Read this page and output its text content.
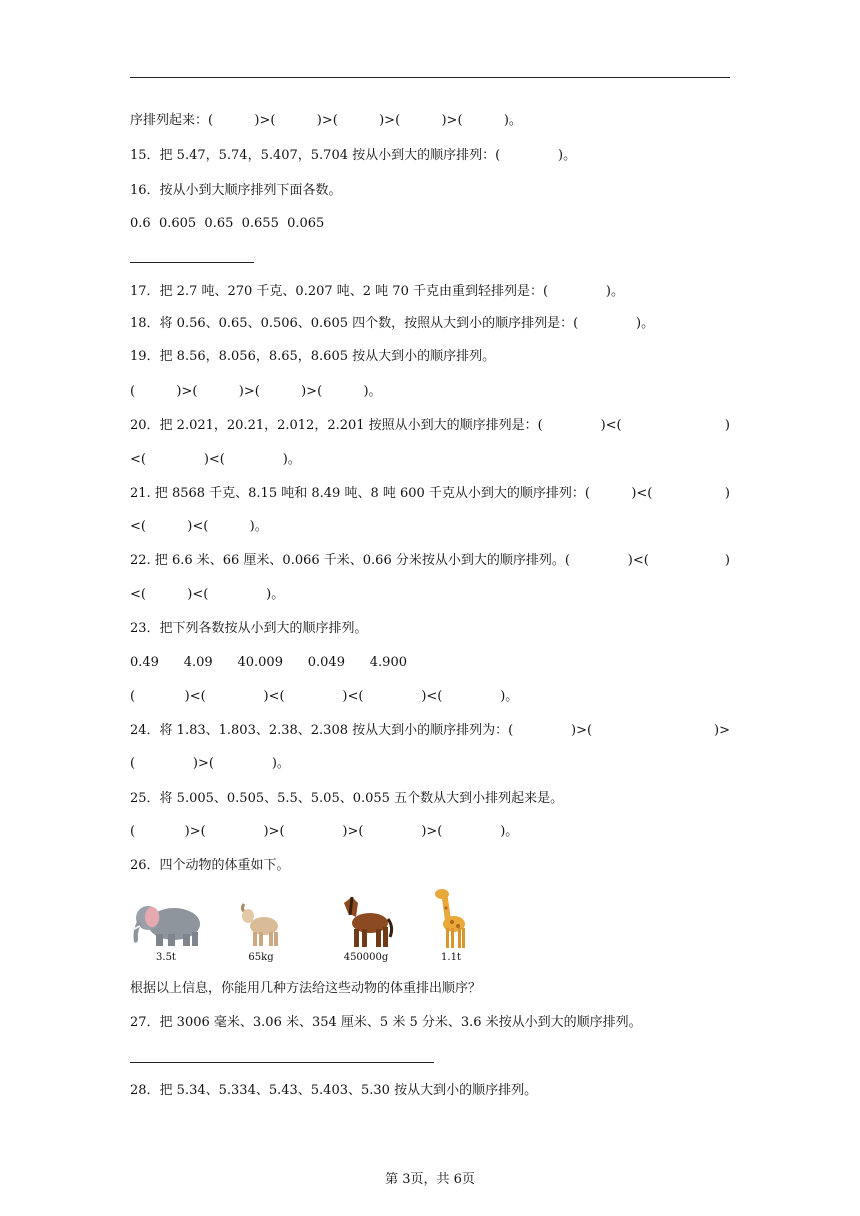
序排列起来：(          )>(          )>(          )>(          )>(          )。
15．把 5.47，5.74，5.407，5.704 按从小到大的顺序排列：(              )。
16．按从小到大顺序排列下面各数。
0.6  0.605  0.65  0.655  0.065
17．把 2.7 吨、270 千克、0.207 吨、2 吨 70 千克由重到轻排列是：(              )。
18．将 0.56、0.65、0.506、0.605 四个数，按照从大到小的顺序排列是：(              )。
19．把 8.56，8.056，8.65，8.605 按从大到小的顺序排列。
(          )>(          )>(          )>(          )。
20．把 2.021，20.21，2.012，2.201 按照从小到大的顺序排列是：(              )<(	)
<(              )<(              )。
21. 把 8568 千克、8.15 吨和 8.49 吨、8 吨 600 千克从小到大的顺序排列：(          )<( )
<(          )<(          )。
22. 把 6.6 米、66 厘米、0.066 千米、0.66 分米按从小到大的顺序排列。(              )<( )
<(          )<(              )。
23．把下列各数按从小到大的顺序排列。
0.49      4.09      40.009      0.049      4.900
(            )<(              )<(              )<(              )<(              )。
24．将 1.83、1.803、2.38、2.308 按从大到小的顺序排列为：(              )>(	)>
(              )>(              )。
25．将 5.005、0.505、5.5、5.05、0.055 五个数从大到小排列起来是。
(            )>(              )>(              )>(              )>(              )。
26．四个动物的体重如下。
3.5t	65kg	450000g	1.1t
根据以上信息，你能用几种方法给这些动物的体重排出顺序？
27．把 3006 毫米、3.06 米、354 厘米、5 米 5 分米、3.6 米按从小到大的顺序排列。
28．把 5.34、5.334、5.43、5.403、5.30 按从大到小的顺序排列。
第 3页，共 6页
